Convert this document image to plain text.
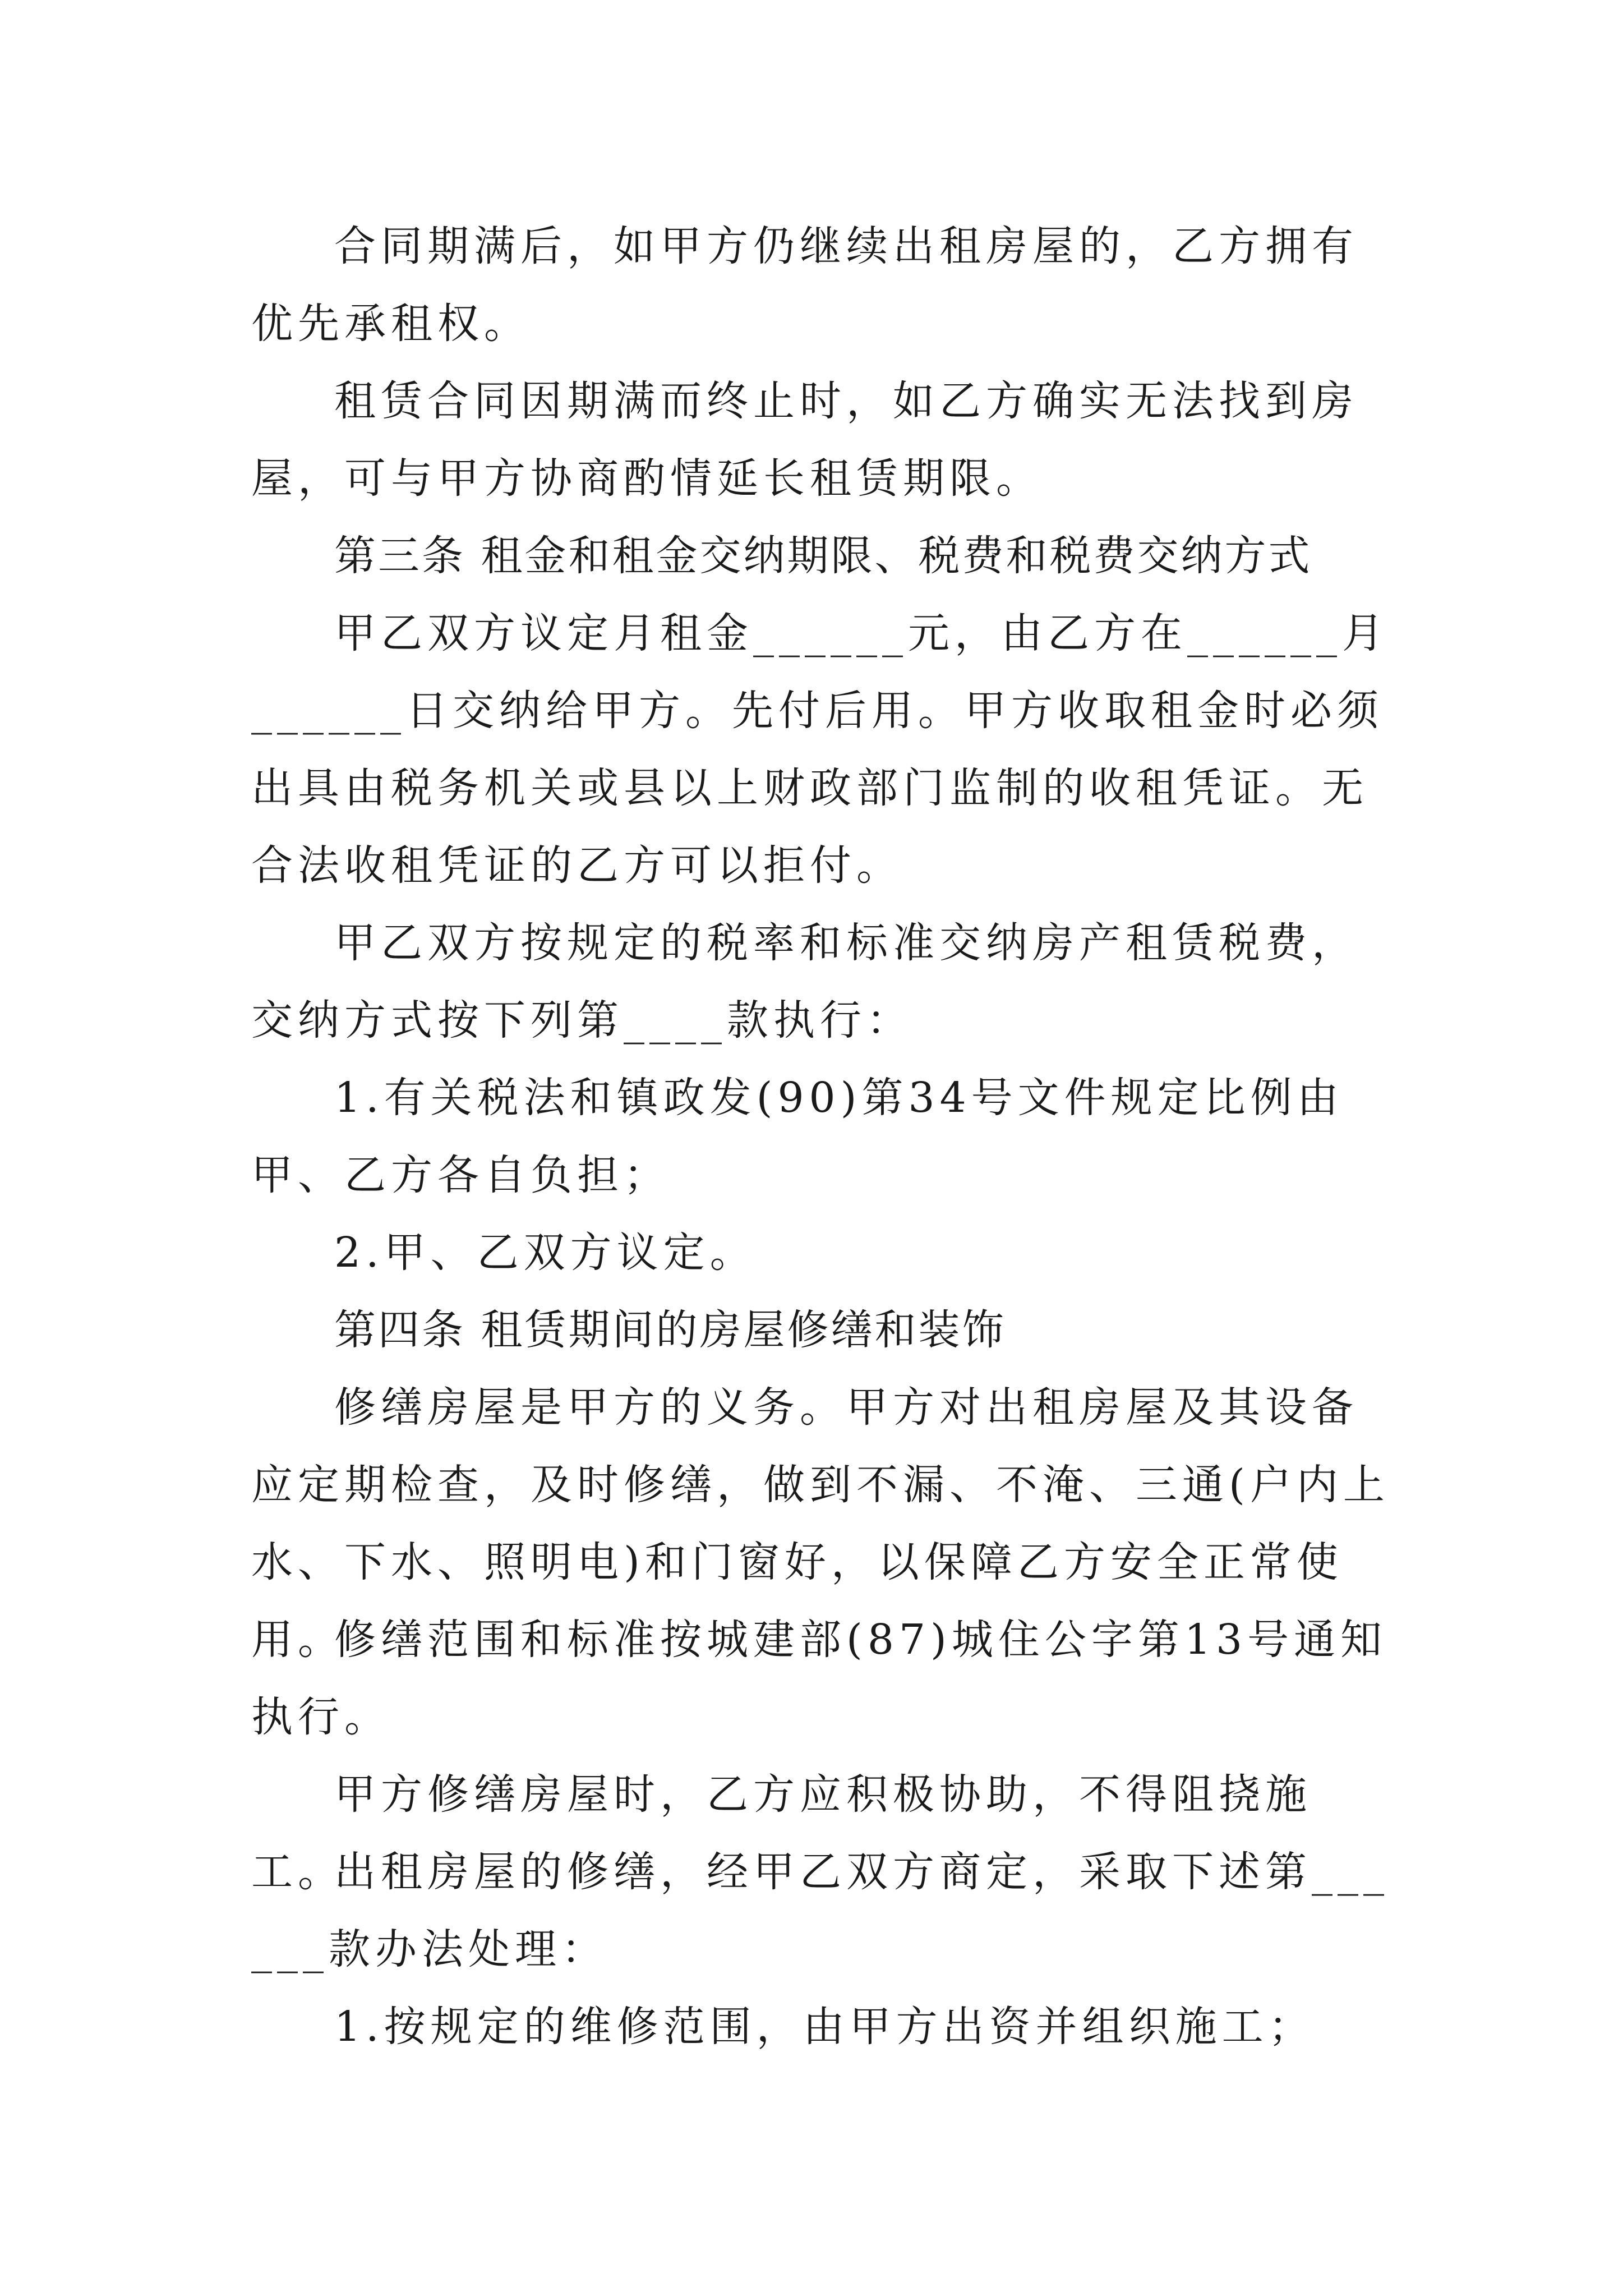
合同期满后，如甲方仍继续出租房屋的，乙方拥有优先承租权。

租赁合同因期满而终止时，如乙方确实无法找到房屋，可与甲方协商酌情延长租赁期限。

第三条 租金和租金交纳期限、税费和税费交纳方式

甲乙双方议定月租金______元，由乙方在______月______日交纳给甲方。先付后用。甲方收取租金时必须出具由税务机关或县以上财政部门监制的收租凭证。无合法收租凭证的乙方可以拒付。

甲乙双方按规定的税率和标准交纳房产租赁税费，交纳方式按下列第____款执行：

1.有关税法和镇政发(90)第34号文件规定比例由甲、乙方各自负担；

2.甲、乙双方议定。

第四条 租赁期间的房屋修缮和装饰

修缮房屋是甲方的义务。甲方对出租房屋及其设备应定期检查，及时修缮，做到不漏、不淹、三通(户内上水、下水、照明电)和门窗好，以保障乙方安全正常使用。

修缮范围和标准按城建部(87)城住公字第13号通知执行。

甲方修缮房屋时，乙方应积极协助，不得阻挠施工。

出租房屋的修缮，经甲乙双方商定，采取下述第______款办法处理：

1.按规定的维修范围，由甲方出资并组织施工；
